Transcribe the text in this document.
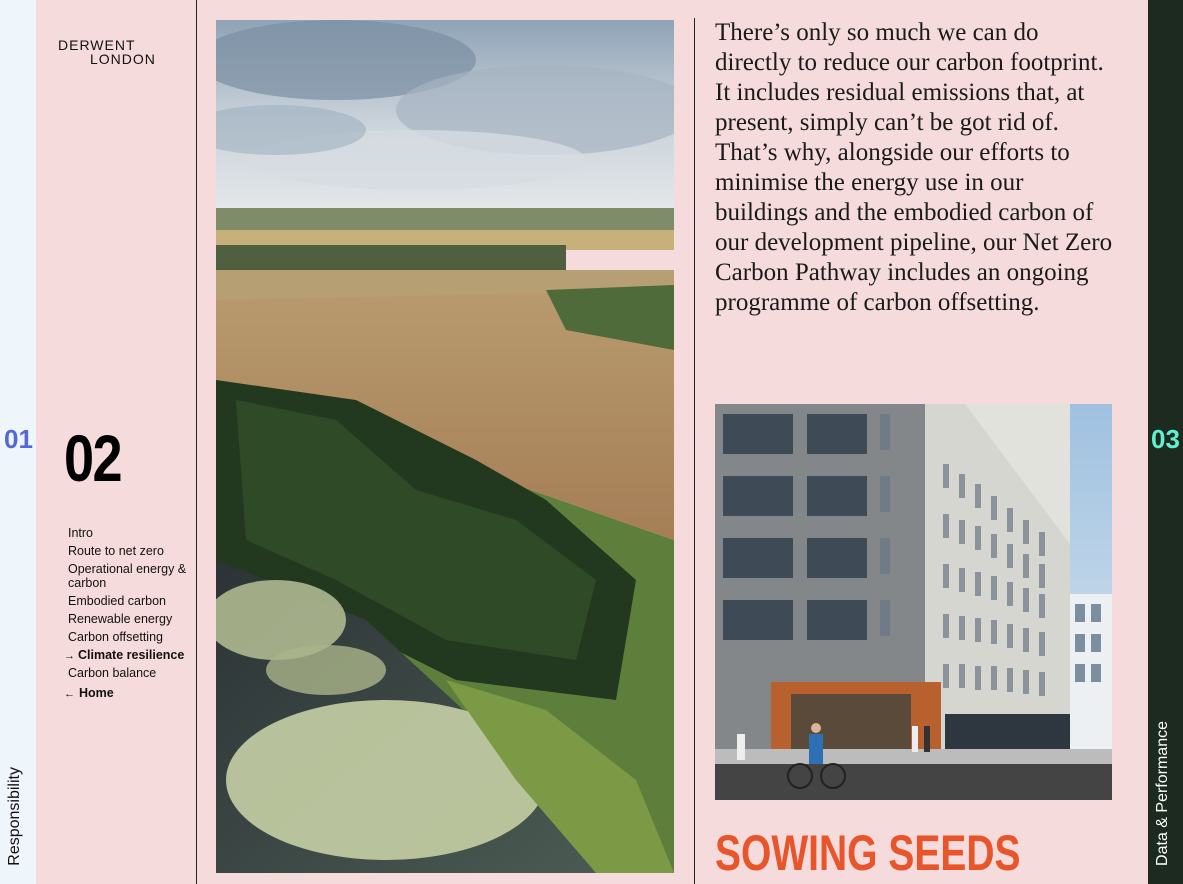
01
Responsibility
DERWENT
LONDON
02
Intro
Route to net zero
Operational energy & carbon
Embodied carbon
Renewable energy
Carbon offsetting
→ Climate resilience
Carbon balance
← Home
There’s only so much we can do directly to reduce our carbon footprint. It includes residual emissions that, at present, simply can’t be got rid of. That’s why, alongside our efforts to minimise the energy use in our buildings and the embodied carbon of our development pipeline, our Net Zero Carbon Pathway includes an ongoing programme of carbon offsetting.
SOWING SEEDS
03
Data & Performance
